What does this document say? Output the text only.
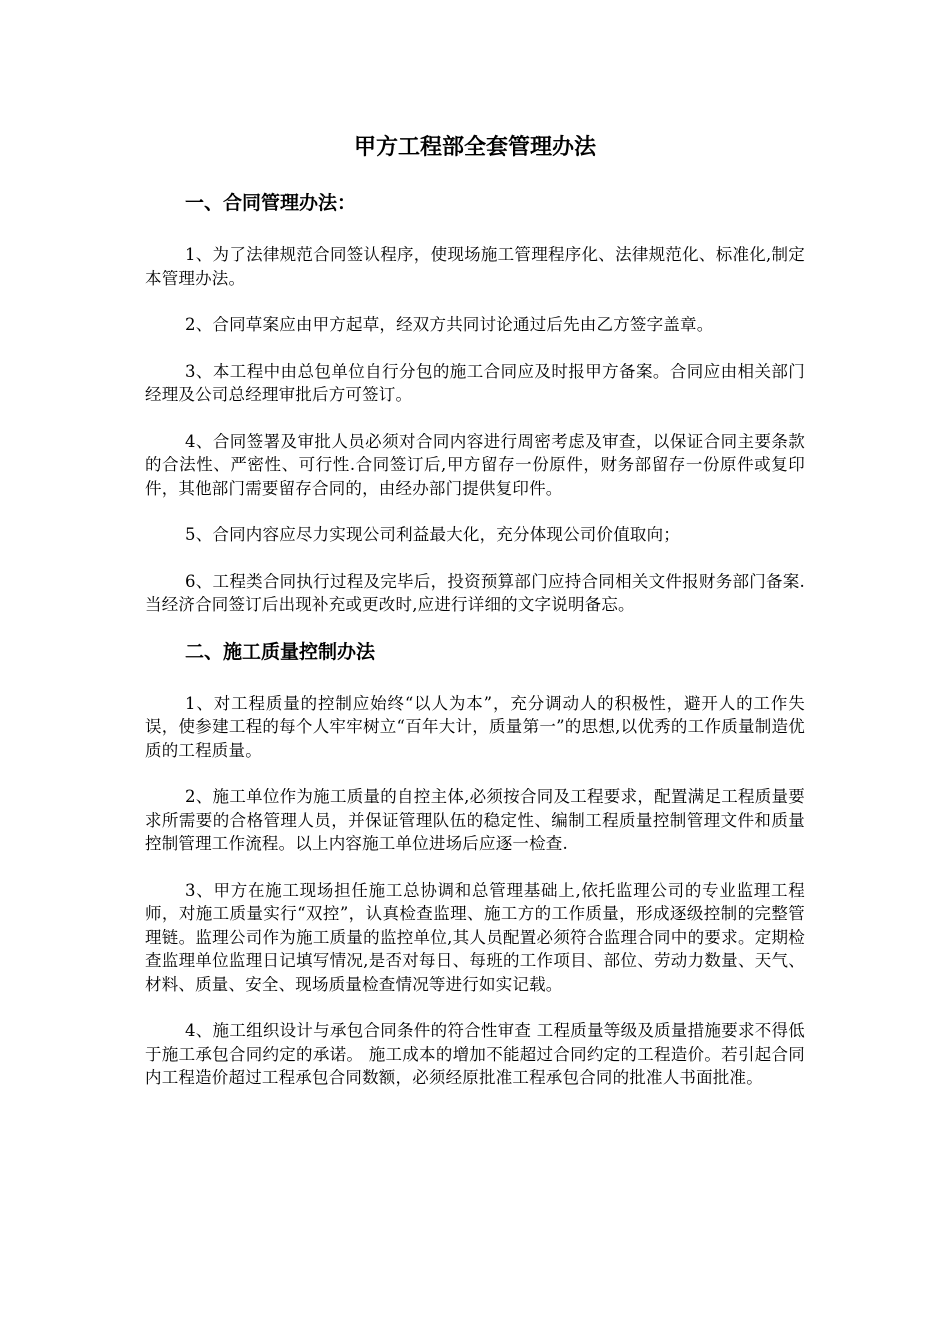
甲方工程部全套管理办法
一、合同管理办法：

1、为了法律规范合同签认程序，使现场施工管理程序化、法律规范化、标准化,制定本管理办法。

2、合同草案应由甲方起草，经双方共同讨论通过后先由乙方签字盖章。

3、本工程中由总包单位自行分包的施工合同应及时报甲方备案。合同应由相关部门经理及公司总经理审批后方可签订。

4、合同签署及审批人员必须对合同内容进行周密考虑及审查，以保证合同主要条款的合法性、严密性、可行性.合同签订后,甲方留存一份原件，财务部留存一份原件或复印件，其他部门需要留存合同的，由经办部门提供复印件。

5、合同内容应尽力实现公司利益最大化，充分体现公司价值取向；

6、工程类合同执行过程及完毕后，投资预算部门应持合同相关文件报财务部门备案.当经济合同签订后出现补充或更改时,应进行详细的文字说明备忘。

二、施工质量控制办法

1、对工程质量的控制应始终“以人为本”，充分调动人的积极性，避开人的工作失误，使参建工程的每个人牢牢树立“百年大计，质量第一”的思想,以优秀的工作质量制造优质的工程质量。

2、施工单位作为施工质量的自控主体,必须按合同及工程要求，配置满足工程质量要求所需要的合格管理人员，并保证管理队伍的稳定性、编制工程质量控制管理文件和质量控制管理工作流程。以上内容施工单位进场后应逐一检查.

3、甲方在施工现场担任施工总协调和总管理基础上,依托监理公司的专业监理工程师，对施工质量实行“双控”，认真检查监理、施工方的工作质量，形成逐级控制的完整管理链。监理公司作为施工质量的监控单位,其人员配置必须符合监理合同中的要求。定期检查监理单位监理日记填写情况,是否对每日、每班的工作项目、部位、劳动力数量、天气、材料、质量、安全、现场质量检查情况等进行如实记载。

4、施工组织设计与承包合同条件的符合性审查 工程质量等级及质量措施要求不得低于施工承包合同约定的承诺。 施工成本的增加不能超过合同约定的工程造价。若引起合同内工程造价超过工程承包合同数额，必须经原批准工程承包合同的批准人书面批准。
